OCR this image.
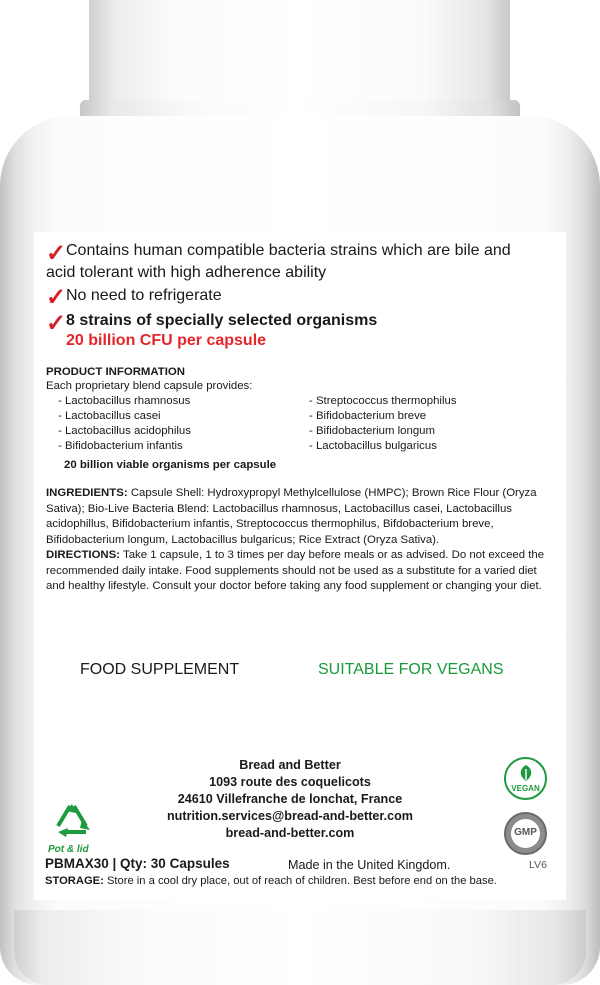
✓ Contains human compatible bacteria strains which are bile and
acid tolerant with high adherence ability
✓ No need to refrigerate
✓ 8 strains of specially selected organisms
20 billion CFU per capsule
PRODUCT INFORMATION
Each proprietary blend capsule provides:
- Lactobacillus rhamnosus
- Lactobacillus casei
- Lactobacillus acidophilus
- Bifidobacterium infantis
- Streptococcus thermophilus
- Bifidobacterium breve
- Bifidobacterium longum
- Lactobacillus bulgaricus
20 billion viable organisms per capsule
INGREDIENTS: Capsule Shell: Hydroxypropyl Methylcellulose (HMPC); Brown Rice Flour (Oryza Sativa); Bio-Live Bacteria Blend: Lactobacillus rhamnosus, Lactobacillus casei, Lactobacillus acidophillus, Bifidobacterium infantis, Streptococcus thermophilus, Bifdobacterium breve, Bifidobacterium longum, Lactobacillus bulgaricus; Rice Extract (Oryza Sativa).
DIRECTIONS: Take 1 capsule, 1 to 3 times per day before meals or as advised. Do not exceed the recommended daily intake. Food supplements should not be used as a substitute for a varied diet and healthy lifestyle. Consult your doctor before taking any food supplement or changing your diet.
FOOD SUPPLEMENT	SUITABLE FOR VEGANS
Bread and Better
1093 route des coquelicots
24610 Villefranche de lonchat, France
nutrition.services@bread-and-better.com
bread-and-better.com
Pot & lid
VEGAN
GMP
PBMAX30 | Qty: 30 Capsules	Made in the United Kingdom.	LV6
STORAGE: Store in a cool dry place, out of reach of children. Best before end on the base.
